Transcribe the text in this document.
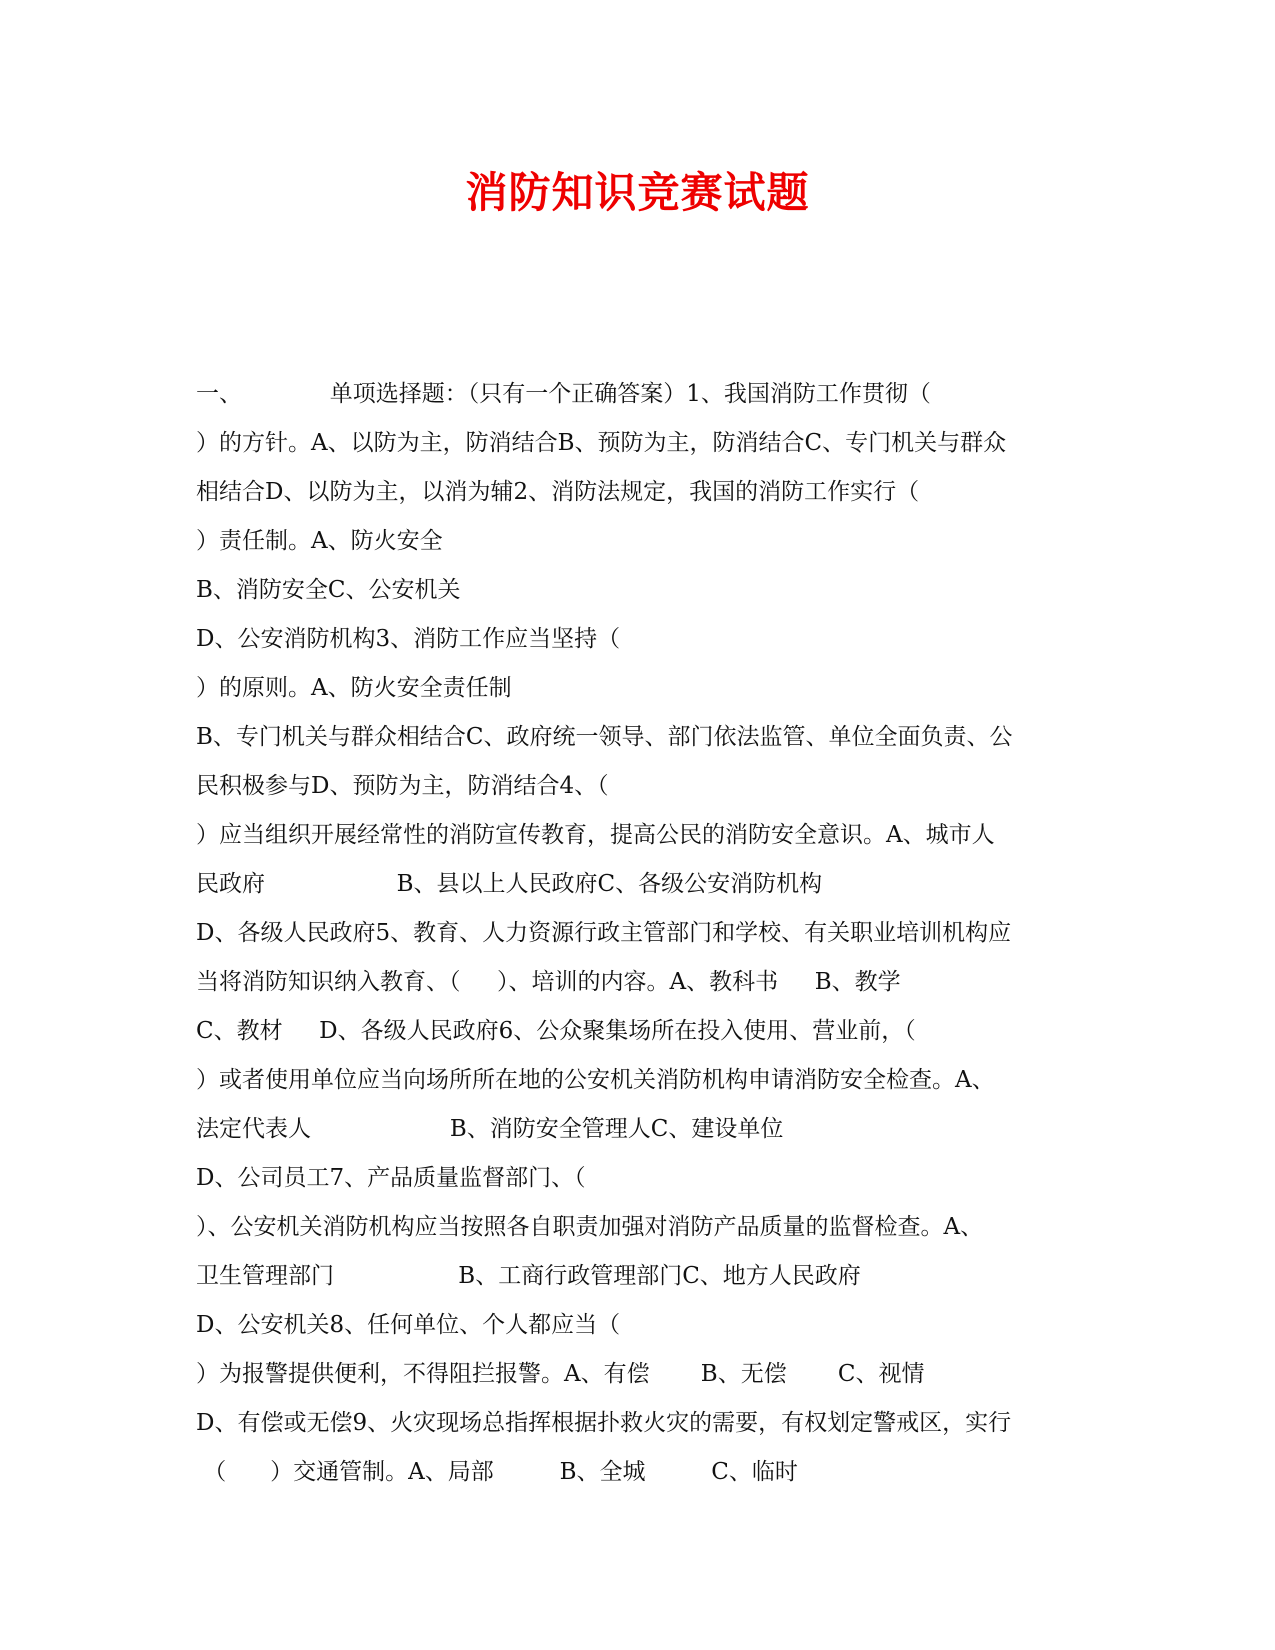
消防知识竞赛试题
一、            单项选择题：（只有一个正确答案）1、我国消防工作贯彻（
）的方针。A、以防为主，防消结合B、预防为主，防消结合C、专门机关与群众
相结合D、以防为主，以消为辅2、消防法规定，我国的消防工作实行（
）责任制。A、防火安全
B、消防安全C、公安机关
D、公安消防机构3、消防工作应当坚持（
）的原则。A、防火安全责任制
B、专门机关与群众相结合C、政府统一领导、部门依法监管、单位全面负责、公
民积极参与D、预防为主，防消结合4、（
）应当组织开展经常性的消防宣传教育，提高公民的消防安全意识。A、城市人
民政府                  B、县以上人民政府C、各级公安消防机构
D、各级人民政府5、教育、人力资源行政主管部门和学校、有关职业培训机构应
当将消防知识纳入教育、（     ）、培训的内容。A、教科书     B、教学
C、教材     D、各级人民政府6、公众聚集场所在投入使用、营业前，（
）或者使用单位应当向场所所在地的公安机关消防机构申请消防安全检查。A、
法定代表人                   B、消防安全管理人C、建设单位
D、公司员工7、产品质量监督部门、（
）、公安机关消防机构应当按照各自职责加强对消防产品质量的监督检查。A、
卫生管理部门                 B、工商行政管理部门C、地方人民政府
D、公安机关8、任何单位、个人都应当（
）为报警提供便利，不得阻拦报警。A、有偿       B、无偿       C、视情
D、有偿或无偿9、火灾现场总指挥根据扑救火灾的需要，有权划定警戒区，实行
（      ）交通管制。A、局部         B、全城         C、临时
